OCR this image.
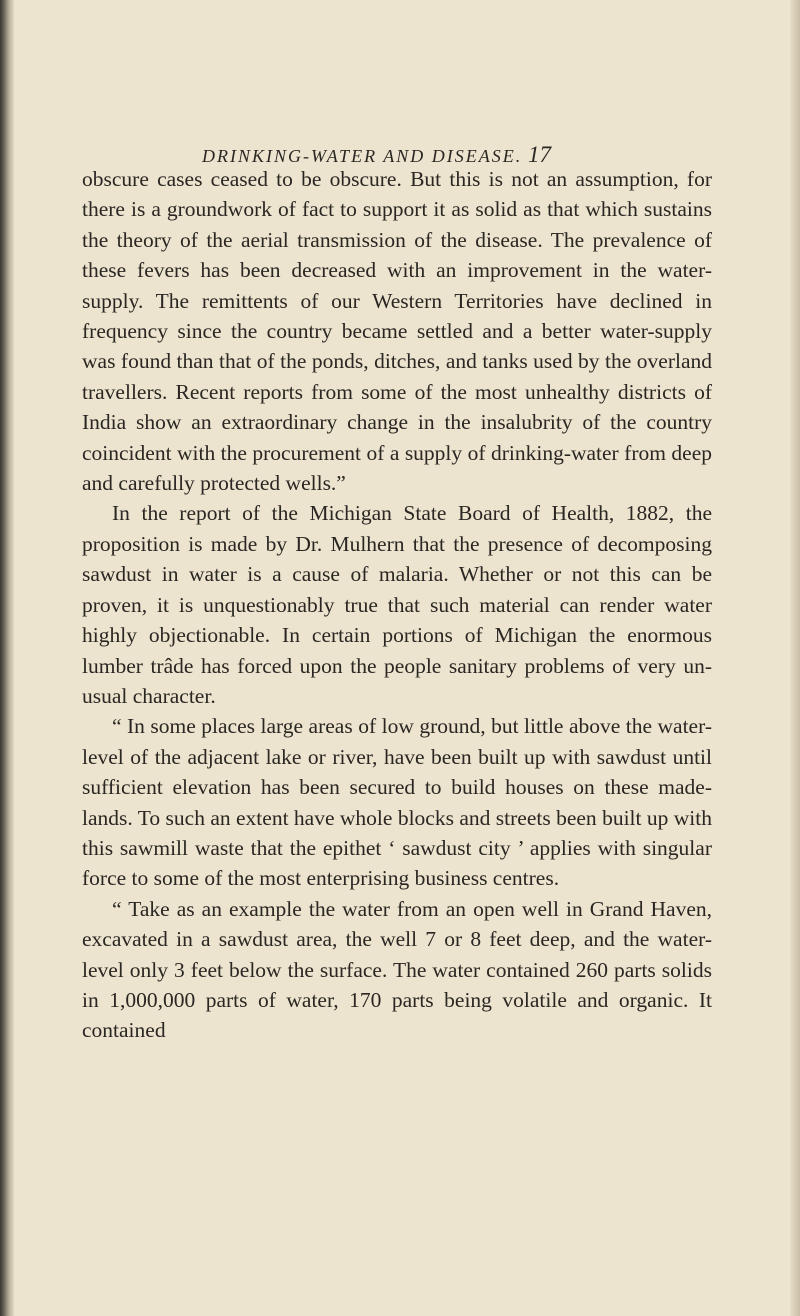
DRINKING-WATER AND DISEASE. 17

obscure cases ceased to be obscure. But this is not an assumption, for there is a groundwork of fact to support it as solid as that which sustains the theory of the aerial transmission of the disease. The prevalence of these fevers has been decreased with an improvement in the water-supply. The remittents of our Western Territories have declined in frequency since the country became settled and a better water-supply was found than that of the ponds, ditches, and tanks used by the overland travellers. Recent reports from some of the most unhealthy districts of India show an extraordinary change in the insalubrity of the country coincident with the procurement of a supply of drinking-water from deep and carefully protected wells.”

In the report of the Michigan State Board of Health, 1882, the proposition is made by Dr. Mulhern that the presence of decomposing sawdust in water is a cause of malaria. Whether or not this can be proven, it is unquestionably true that such material can render water highly objectionable. In certain portions of Michigan the enormous lumber trâde has forced upon the people sanitary problems of very unusual character.

“ In some places large areas of low ground, but little above the water-level of the adjacent lake or river, have been built up with sawdust until sufficient elevation has been secured to build houses on these made-lands. To such an extent have whole blocks and streets been built up with this sawmill waste that the epithet ‘ sawdust city ’ applies with singular force to some of the most enterprising business centres.

“ Take as an example the water from an open well in Grand Haven, excavated in a sawdust area, the well 7 or 8 feet deep, and the water-level only 3 feet below the surface. The water contained 260 parts solids in 1,000,000 parts of water, 170 parts being volatile and organic. It contained
